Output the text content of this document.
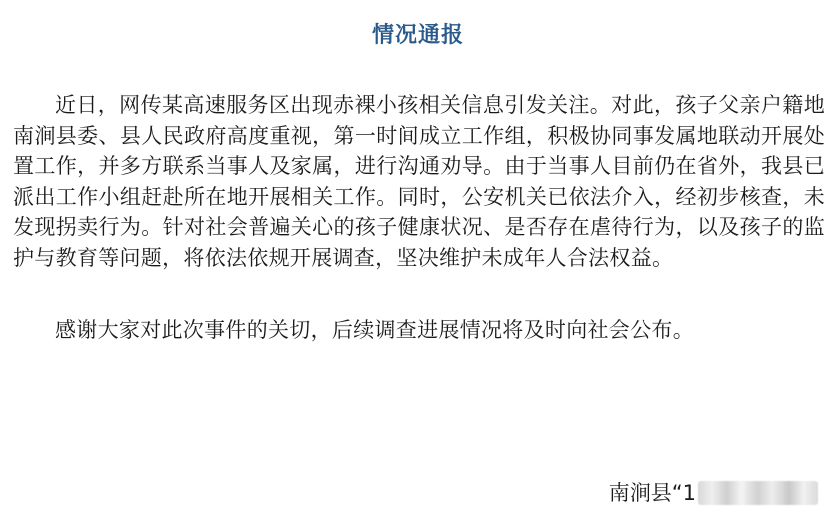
情况通报

近日，网传某高速服务区出现赤裸小孩相关信息引发关注。对此，孩子父亲户籍地南涧县委、县人民政府高度重视，第一时间成立工作组，积极协同事发属地联动开展处置工作，并多方联系当事人及家属，进行沟通劝导。由于当事人目前仍在省外，我县已派出工作小组赶赴所在地开展相关工作。同时，公安机关已依法介入，经初步核查，未发现拐卖行为。针对社会普遍关心的孩子健康状况、是否存在虐待行为，以及孩子的监护与教育等问题，将依法依规开展调查，坚决维护未成年人合法权益。

感谢大家对此次事件的关切，后续调查进展情况将及时向社会公布。

南涧县“1
